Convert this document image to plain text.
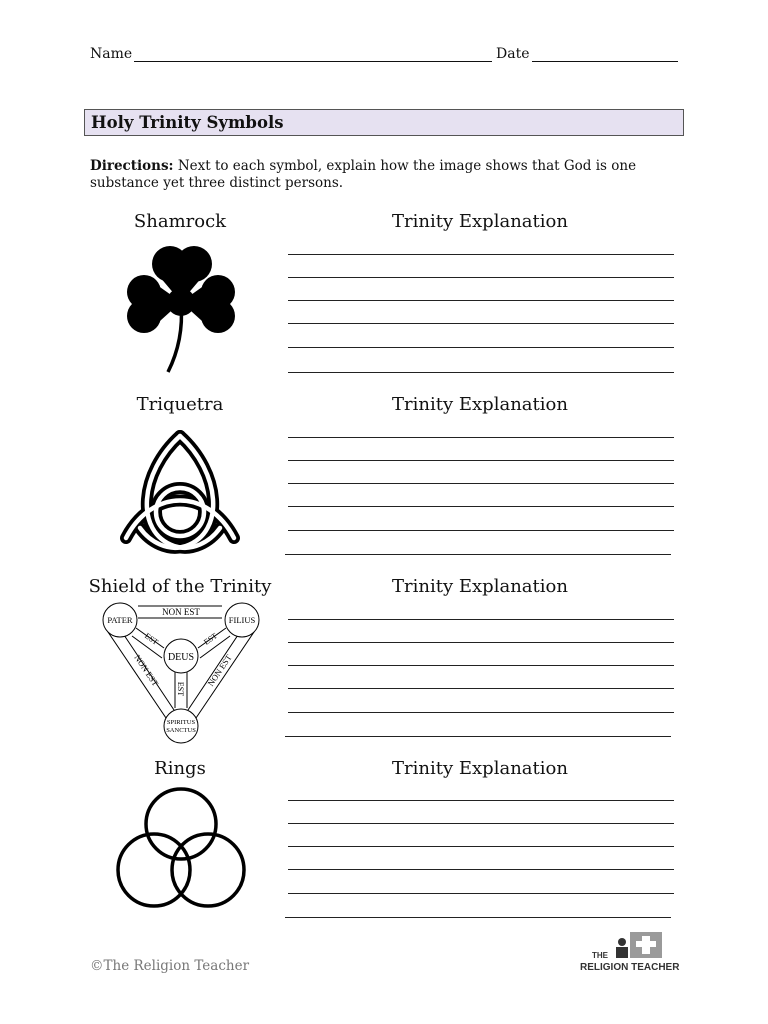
Name	Date
Holy Trinity Symbols
Directions: Next to each symbol, explain how the image shows that God is one substance yet three distinct persons.
Shamrock	Trinity Explanation
Triquetra	Trinity Explanation
Shield of the Trinity	Trinity Explanation
PATER	FILIUS
DEUS
SPIRITUS
SANCTUS
NON EST
NON EST	NON EST
EST	EST
EST
Rings	Trinity Explanation
©The Religion Teacher
THE
RELIGION TEACHER
